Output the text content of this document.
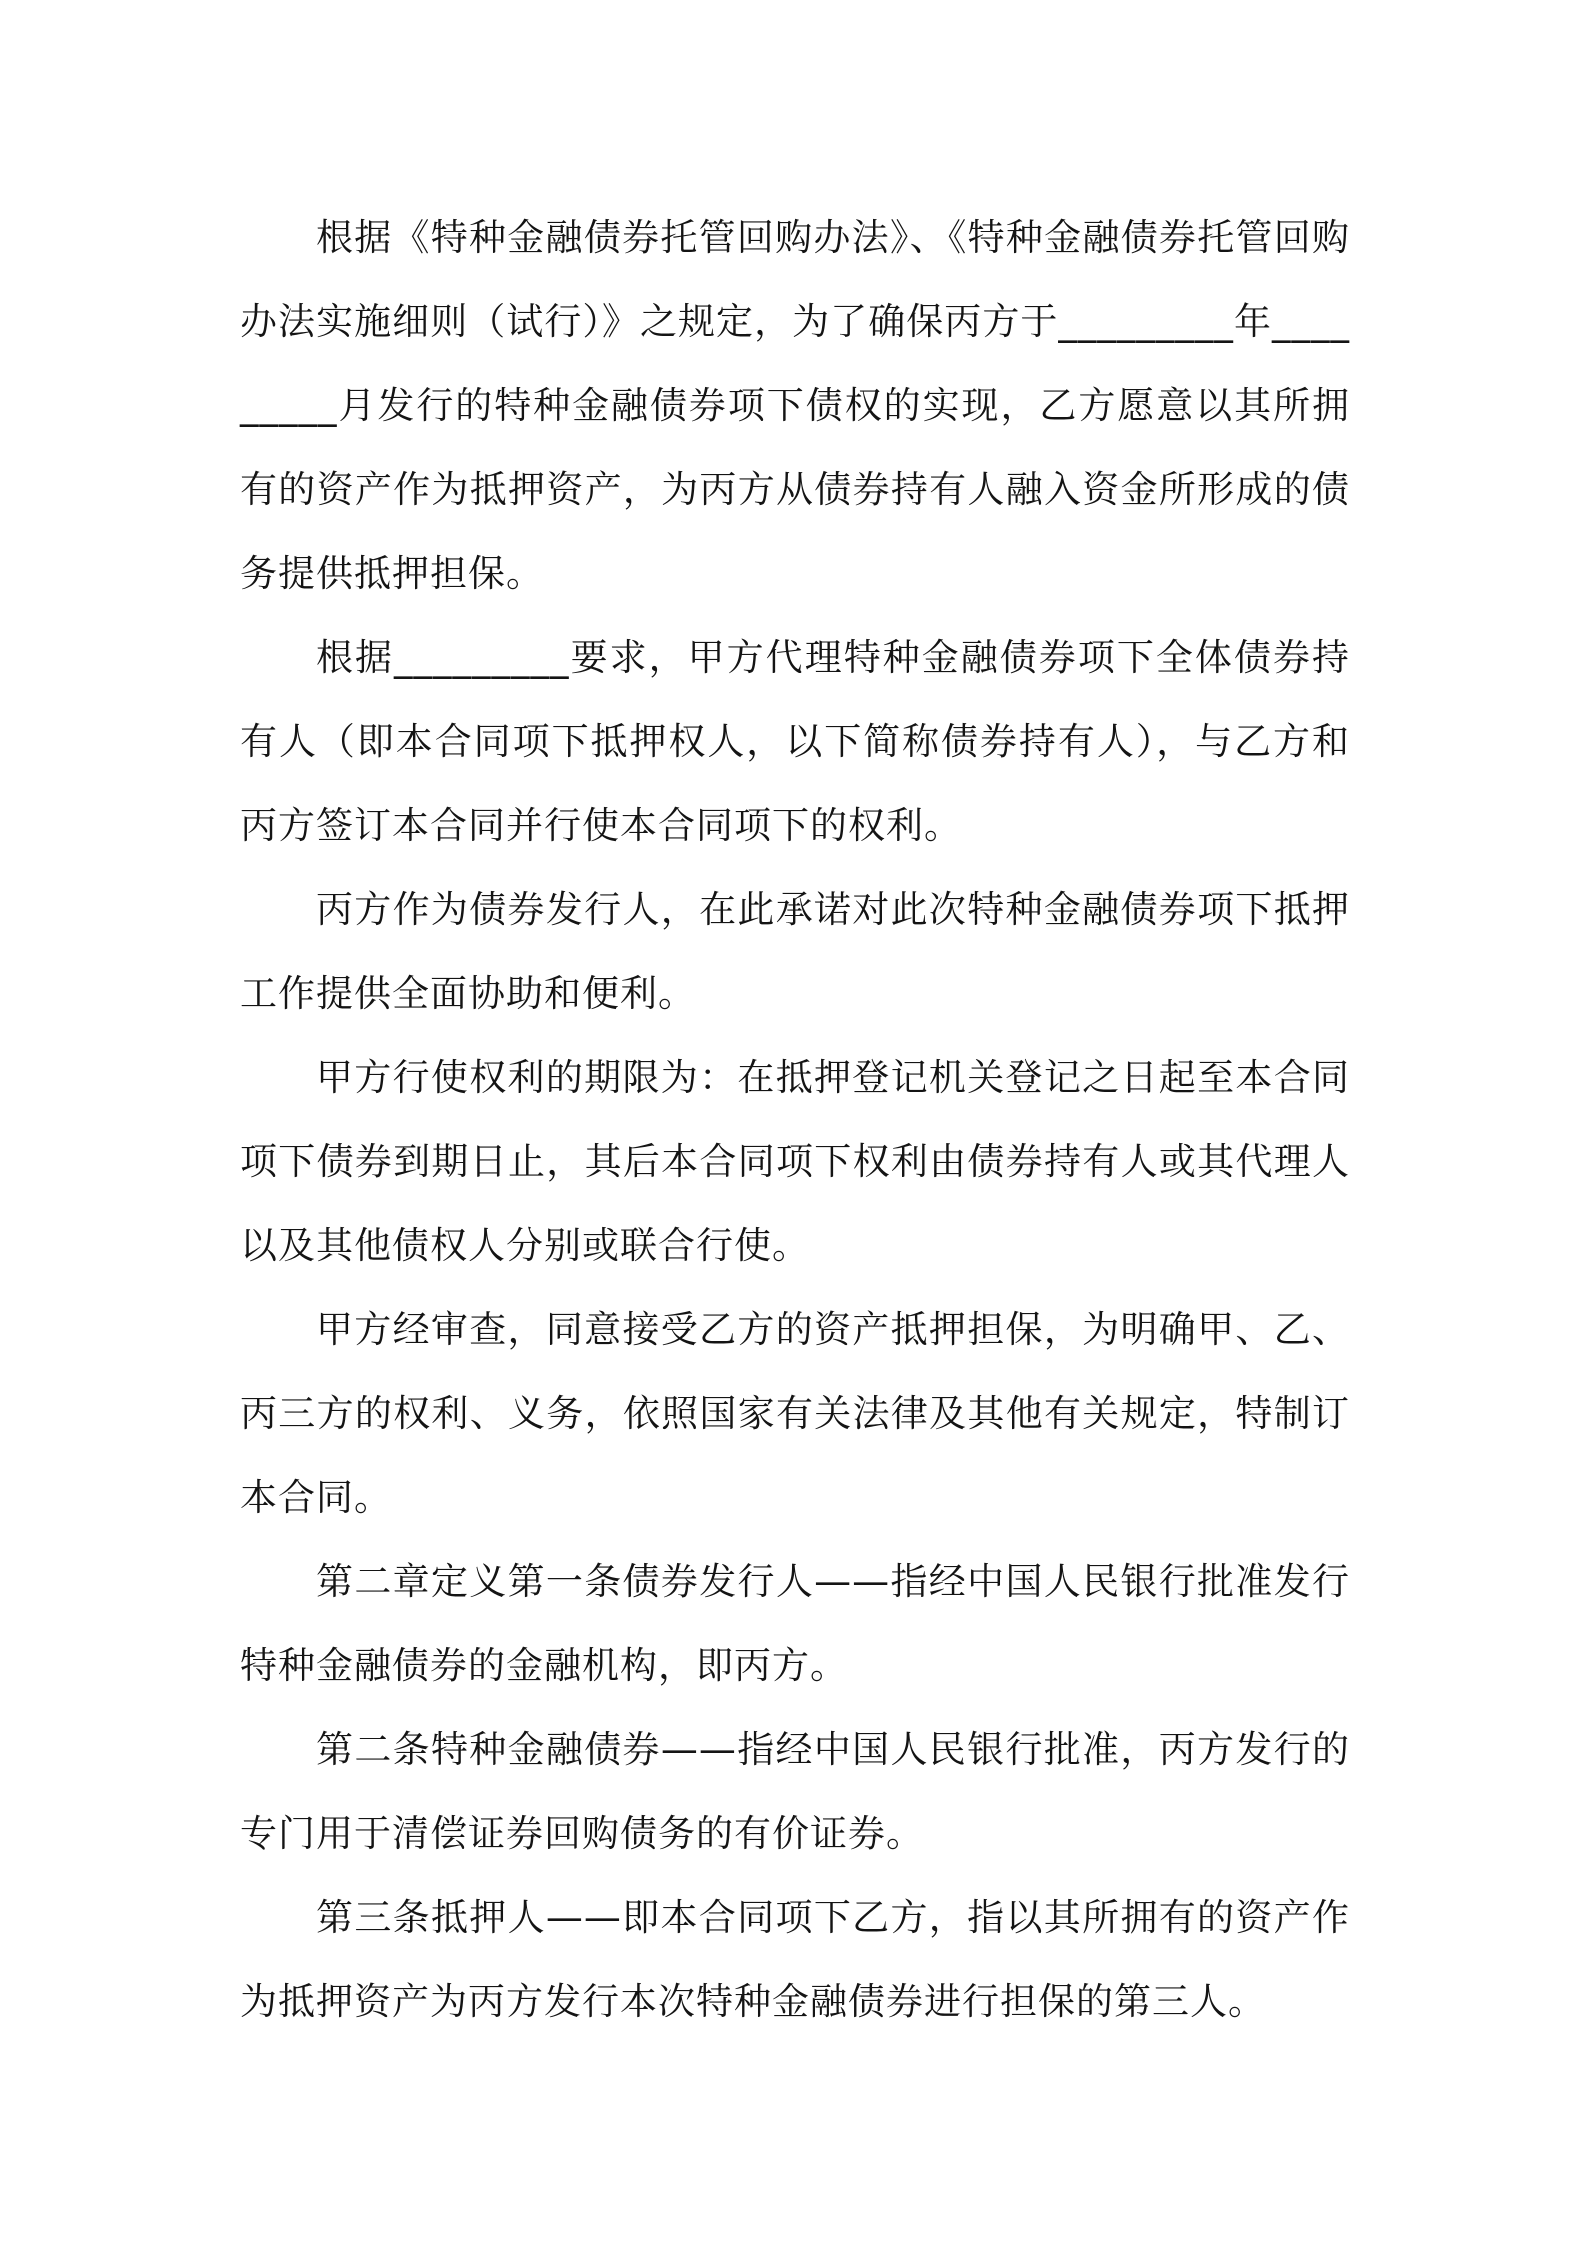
根据《特种金融债券托管回购办法》、《特种金融债券托管回购办法实施细则（试行）》之规定，为了确保丙方于_________年_________月发行的特种金融债券项下债权的实现，乙方愿意以其所拥有的资产作为抵押资产，为丙方从债券持有人融入资金所形成的债务提供抵押担保。

根据_________要求，甲方代理特种金融债券项下全体债券持有人（即本合同项下抵押权人，以下简称债券持有人），与乙方和丙方签订本合同并行使本合同项下的权利。

丙方作为债券发行人，在此承诺对此次特种金融债券项下抵押工作提供全面协助和便利。

甲方行使权利的期限为：在抵押登记机关登记之日起至本合同项下债券到期日止，其后本合同项下权利由债券持有人或其代理人以及其他债权人分别或联合行使。

甲方经审查，同意接受乙方的资产抵押担保，为明确甲、乙、丙三方的权利、义务，依照国家有关法律及其他有关规定，特制订本合同。

第二章定义第一条债券发行人——指经中国人民银行批准发行特种金融债券的金融机构，即丙方。

第二条特种金融债券——指经中国人民银行批准，丙方发行的专门用于清偿证券回购债务的有价证券。

第三条抵押人——即本合同项下乙方，指以其所拥有的资产作为抵押资产为丙方发行本次特种金融债券进行担保的第三人。
